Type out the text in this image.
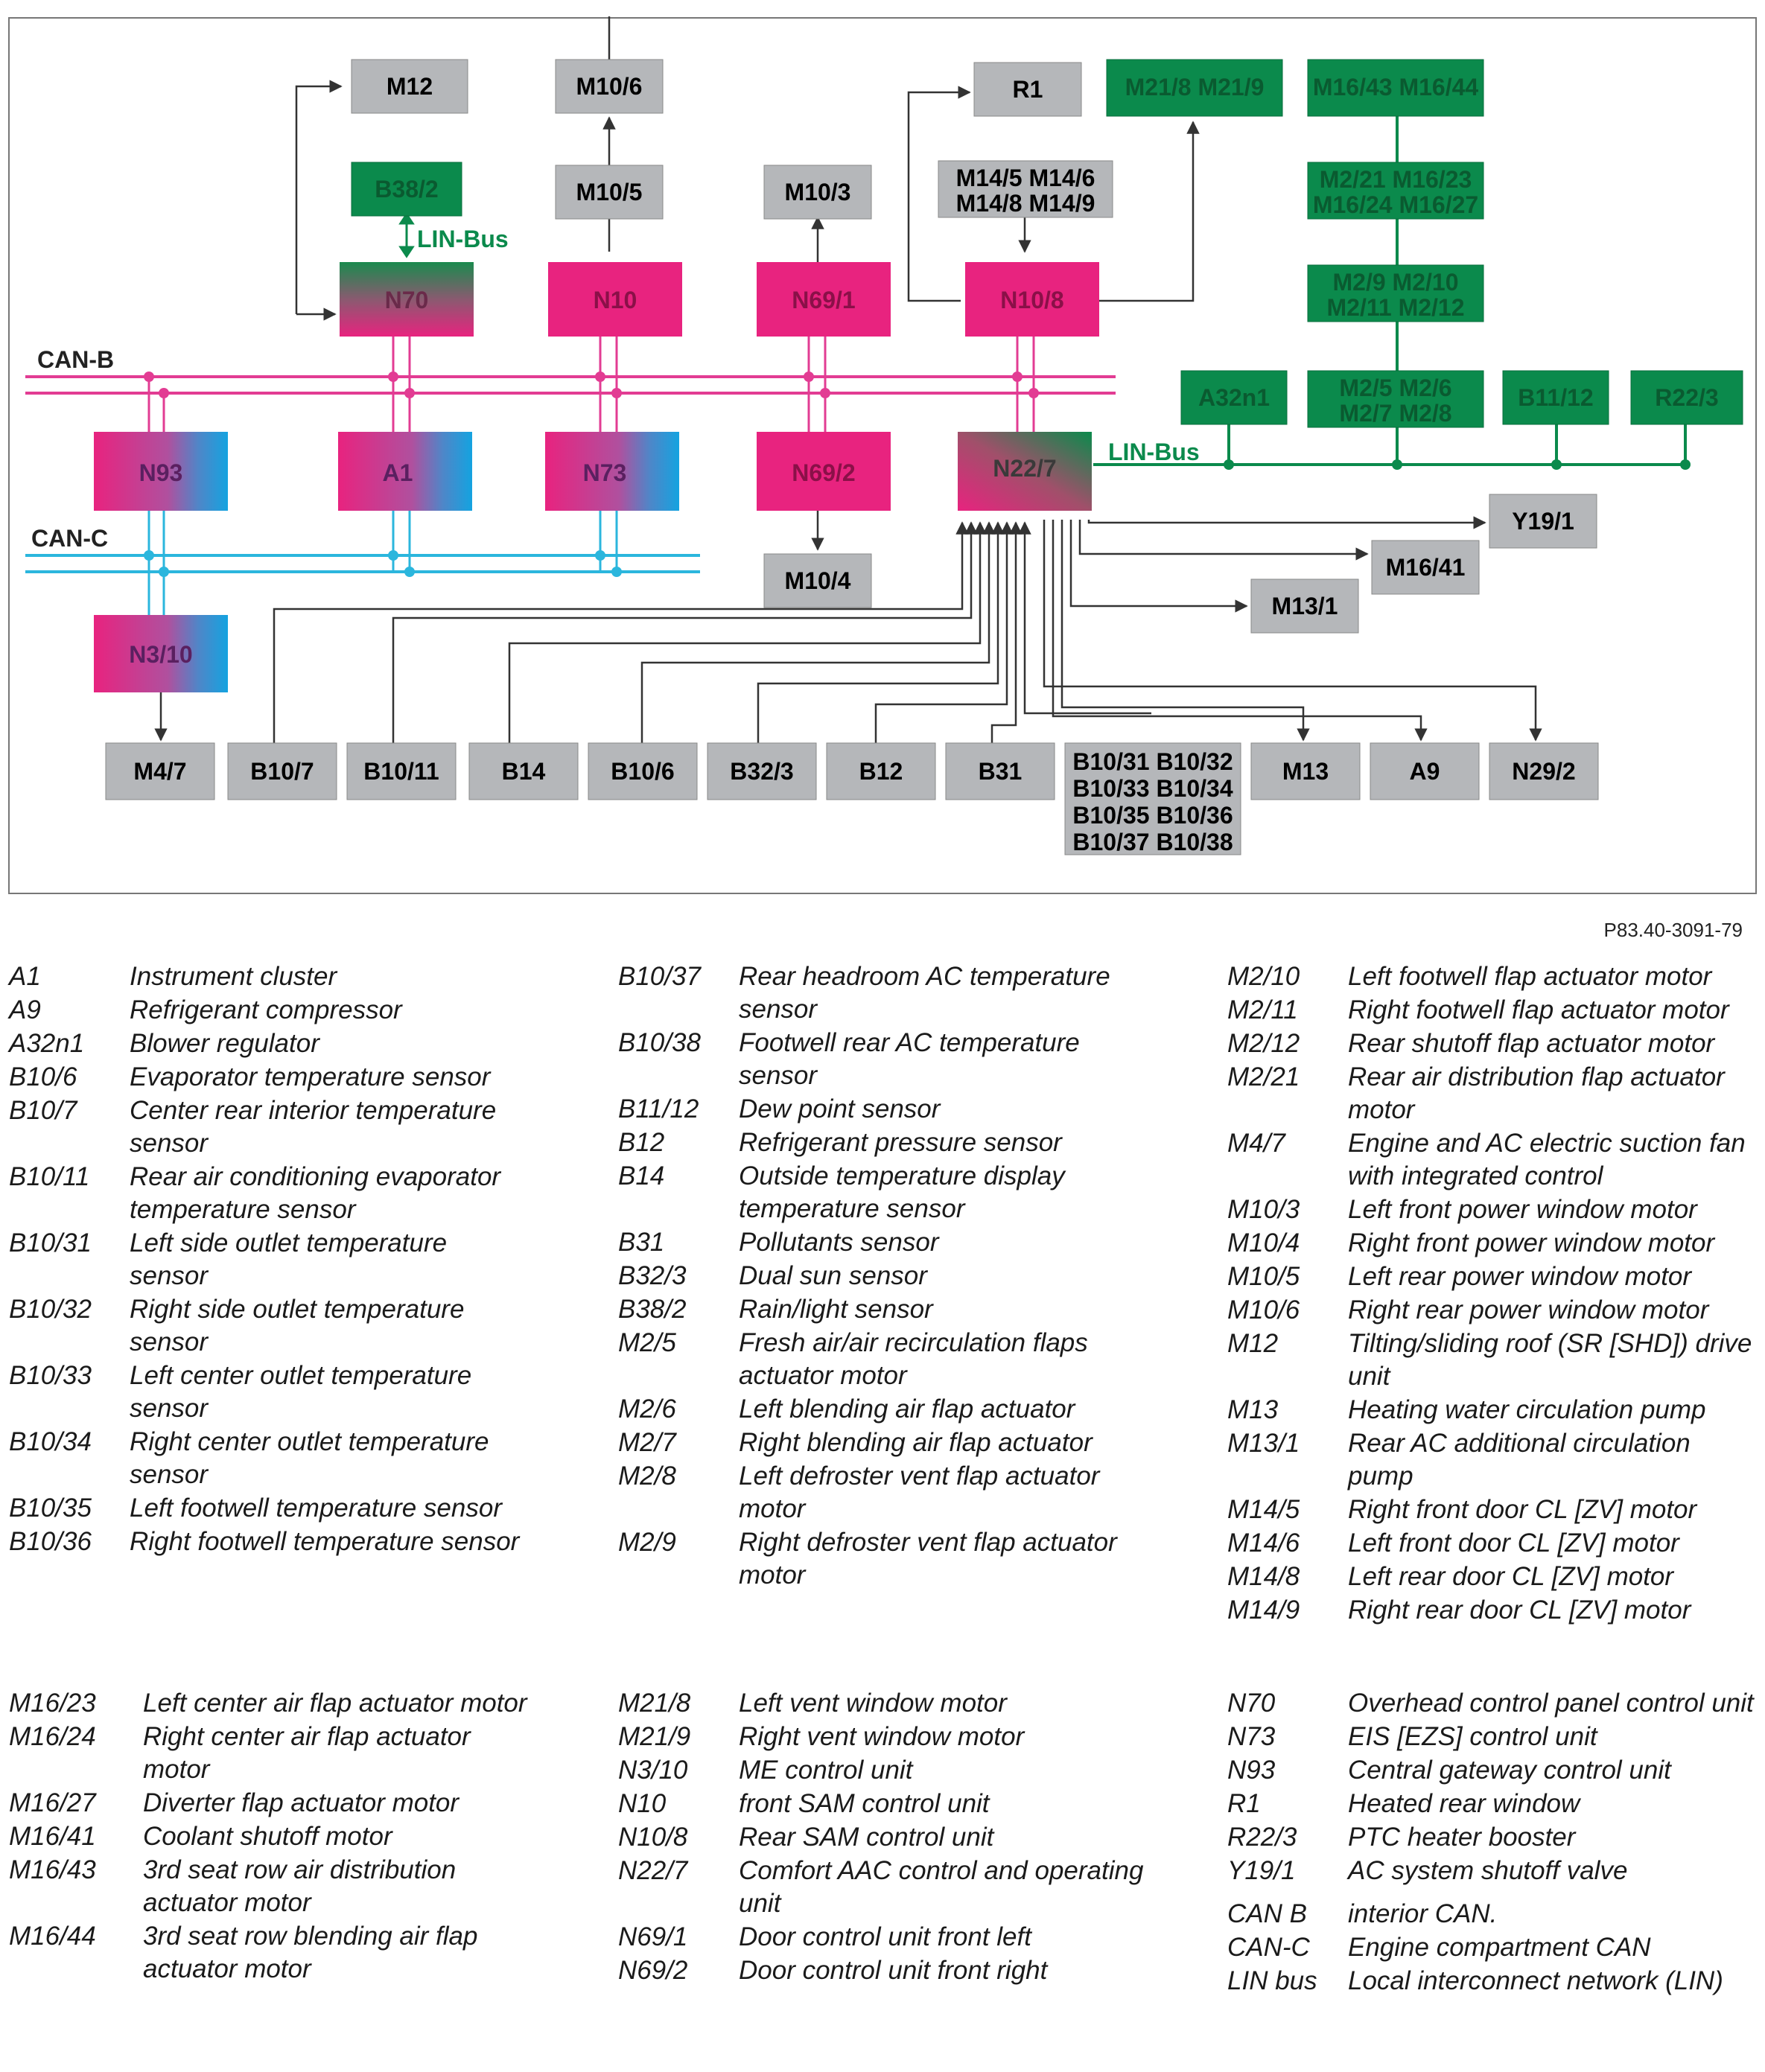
M12	M10/6	R1	M21/8 M21/9 M16/43 M16/44
B38/2	M10/5	M10/3
M14/5 M14/6
M14/8 M14/9
M2/21 M16/23
M16/24 M16/27
N70	N10	N69/1	N10/8
M2/9 M2/10
M2/11 M2/12
A32n1	M2/5 M2/6
M2/7 M2/8
B11/12	R22/3
N93	A1	N73	N69/2	N22/7
Y19/1
M16/41
M10/4
M13/1
N3/10
M4/7	B10/7 B10/11	B14	B10/6 B32/3	B12	B31 B10/31 B10/32
B10/33 B10/34
B10/35 B10/36
B10/37 B10/38
M13	A9	N29/2
CAN-B
CAN-C
LIN-Bus
LIN-Bus
P83.40-3091-79
A1	Instrument cluster
A9	Refrigerant compressor
A32n1	Blower regulator
B10/6	Evaporator temperature sensor
B10/7	Center rear interior temperature sensor
B10/11	Rear air conditioning evaporator temperature sensor
B10/31	Left side outlet temperature sensor
B10/32	Right side outlet temperature sensor
B10/33	Left center outlet temperature sensor
B10/34	Right center outlet temperature sensor
B10/35	Left footwell temperature sensor
B10/36	Right footwell temperature sensor
B10/37	Rear headroom AC temperature sensor
B10/38	Footwell rear AC temperature sensor
B11/12	Dew point sensor
B12	Refrigerant pressure sensor
B14	Outside temperature display temperature sensor
B31	Pollutants sensor
B32/3	Dual sun sensor
B38/2	Rain/light sensor
M2/5	Fresh air/air recirculation flaps actuator motor
M2/6	Left blending air flap actuator
M2/7	Right blending air flap actuator
M2/8	Left defroster vent flap actuator motor
M2/9	Right defroster vent flap actuator motor
M2/10	Left footwell flap actuator motor
M2/11	Right footwell flap actuator motor
M2/12	Rear shutoff flap actuator motor
M2/21	Rear air distribution flap actuator motor
M4/7	Engine and AC electric suction fan with integrated control
M10/3	Left front power window motor
M10/4	Right front power window motor
M10/5	Left rear power window motor
M10/6	Right rear power window motor
M12	Tilting/sliding roof (SR [SHD]) drive unit
M13	Heating water circulation pump
M13/1	Rear AC additional circulation pump
M14/5	Right front door CL [ZV] motor
M14/6	Left front door CL [ZV] motor
M14/8	Left rear door CL [ZV] motor
M14/9	Right rear door CL [ZV] motor
M16/23	Left center air flap actuator motor
M16/24	Right center air flap actuator motor
M16/27	Diverter flap actuator motor
M16/41	Coolant shutoff motor
M16/43	3rd seat row air distribution actuator motor
M16/44	3rd seat row blending air flap actuator motor
M21/8	Left vent window motor
M21/9	Right vent window motor
N3/10	ME control unit
N10	front SAM control unit
N10/8	Rear SAM control unit
N22/7	Comfort AAC control and operating unit
N69/1	Door control unit front left
N69/2	Door control unit front right
N70	Overhead control panel control unit
N73	EIS [EZS] control unit
N93	Central gateway control unit
R1	Heated rear window
R22/3	PTC heater booster
Y19/1	AC system shutoff valve
CAN B	interior CAN.
CAN-C	Engine compartment CAN
LIN bus	Local interconnect network (LIN)
